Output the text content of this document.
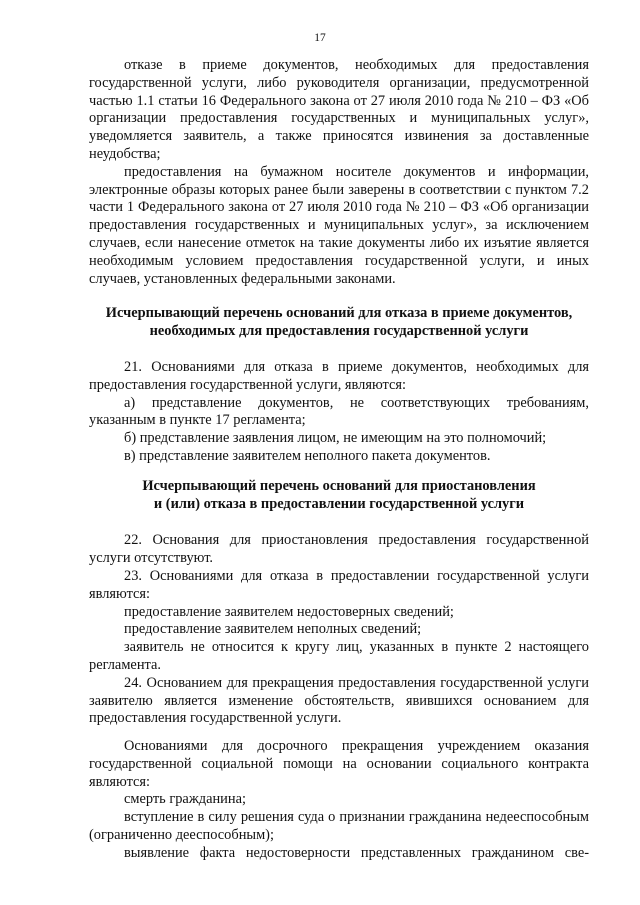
17

отказе в приеме документов, необходимых для предоставления государственной услуги, либо руководителя организации, предусмотренной частью 1.1 статьи 16 Федерального закона от 27 июля 2010 года № 210 – ФЗ «Об организации предоставления государственных и муниципальных услуг», уведомляется заявитель, а также приносятся извинения за доставленные неудобства;

предоставления на бумажном носителе документов и информации, электронные образы которых ранее были заверены в соответствии с пунктом 7.2 части 1 Федерального закона от 27 июля 2010 года № 210 – ФЗ «Об организации предоставления государственных и муниципальных услуг», за исключением случаев, если нанесение отметок на такие документы либо их изъятие является необходимым условием предоставления государственной услуги, и иных случаев, установленных федеральными законами.

Исчерпывающий перечень оснований для отказа в приеме документов,
необходимых для предоставления государственной услуги

21. Основаниями для отказа в приеме документов, необходимых для предоставления государственной услуги, являются:

а) представление документов, не соответствующих требованиям, указанным в пункте 17 регламента;

б) представление заявления лицом, не имеющим на это полномочий;

в) представление заявителем неполного пакета документов.

Исчерпывающий перечень оснований для приостановления
и (или) отказа в предоставлении государственной услуги

22. Основания для приостановления предоставления государственной услуги отсутствуют.

23. Основаниями для отказа в предоставлении государственной услуги являются:

предоставление заявителем недостоверных сведений;

предоставление заявителем неполных сведений;

заявитель не относится к кругу лиц, указанных в пункте 2 настоящего регламента.

24. Основанием для прекращения предоставления государственной услуги заявителю является изменение обстоятельств, явившихся основанием для предоставления государственной услуги.

Основаниями для досрочного прекращения учреждением оказания государственной социальной помощи на основании социального контракта являются:

смерть гражданина;

вступление в силу решения суда о признании гражданина недееспособным (ограниченно дееспособным);

выявление факта недостоверности представленных гражданином све-
